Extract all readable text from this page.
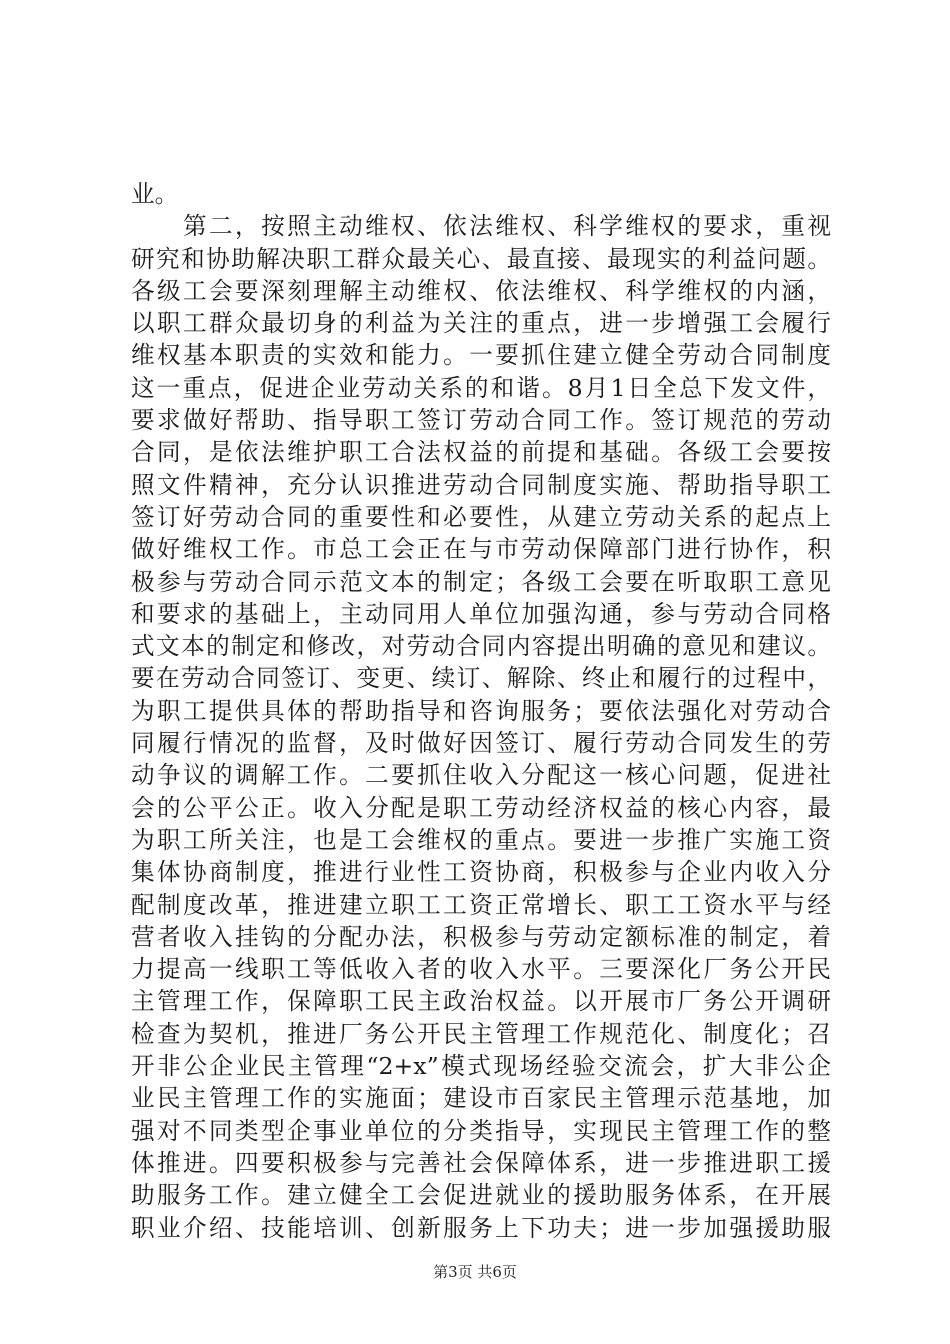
业。
　　第二，按照主动维权、依法维权、科学维权的要求，重视
研究和协助解决职工群众最关心、最直接、最现实的利益问题。
各级工会要深刻理解主动维权、依法维权、科学维权的内涵，
以职工群众最切身的利益为关注的重点，进一步增强工会履行
维权基本职责的实效和能力。一要抓住建立健全劳动合同制度
这一重点，促进企业劳动关系的和谐。8月1日全总下发文件，
要求做好帮助、指导职工签订劳动合同工作。签订规范的劳动
合同，是依法维护职工合法权益的前提和基础。各级工会要按
照文件精神，充分认识推进劳动合同制度实施、帮助指导职工
签订好劳动合同的重要性和必要性，从建立劳动关系的起点上
做好维权工作。市总工会正在与市劳动保障部门进行协作，积
极参与劳动合同示范文本的制定；各级工会要在听取职工意见
和要求的基础上，主动同用人单位加强沟通，参与劳动合同格
式文本的制定和修改，对劳动合同内容提出明确的意见和建议。
要在劳动合同签订、变更、续订、解除、终止和履行的过程中，
为职工提供具体的帮助指导和咨询服务；要依法强化对劳动合
同履行情况的监督，及时做好因签订、履行劳动合同发生的劳
动争议的调解工作。二要抓住收入分配这一核心问题，促进社
会的公平公正。收入分配是职工劳动经济权益的核心内容，最
为职工所关注，也是工会维权的重点。要进一步推广实施工资
集体协商制度，推进行业性工资协商，积极参与企业内收入分
配制度改革，推进建立职工工资正常增长、职工工资水平与经
营者收入挂钩的分配办法，积极参与劳动定额标准的制定，着
力提高一线职工等低收入者的收入水平。三要深化厂务公开民
主管理工作，保障职工民主政治权益。以开展市厂务公开调研
检查为契机，推进厂务公开民主管理工作规范化、制度化；召
开非公企业民主管理“2+x”模式现场经验交流会，扩大非公企
业民主管理工作的实施面；建设市百家民主管理示范基地，加
强对不同类型企事业单位的分类指导，实现民主管理工作的整
体推进。四要积极参与完善社会保障体系，进一步推进职工援
助服务工作。建立健全工会促进就业的援助服务体系，在开展
职业介绍、技能培训、创新服务上下功夫；进一步加强援助服
第3页 共6页
